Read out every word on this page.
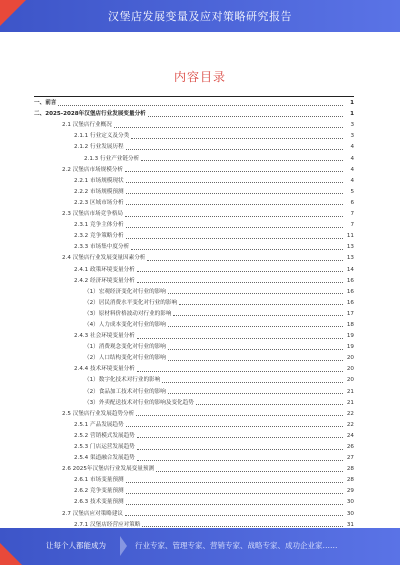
汉堡店发展变量及应对策略研究报告
内容目录
一、前言	1
二、2025-2028年汉堡店行业发展变量分析	1
2.1 汉堡店行业概况	3
2.1.1 行业定义及分类	3
2.1.2 行业发展历程	4
2.1.3 行业产业链分析	4
2.2 汉堡店市场规模分析	4
2.2.1 市场规模现状	4
2.2.2 市场规模预测	5
2.2.3 区域市场分析	6
2.3 汉堡店市场竞争格局	7
2.3.1 竞争主体分析	7
2.3.2 竞争策略分析	11
2.3.3 市场集中度分析	13
2.4 汉堡店行业发展变量因素分析	13
2.4.1 政策环境变量分析	14
2.4.2 经济环境变量分析	16
（1）宏观经济变化对行业的影响	16
（2）居民消费水平变化对行业的影响	16
（3）原材料价格波动对行业的影响	17
（4）人力成本变化对行业的影响	18
2.4.3 社会环境变量分析	19
（1）消费观念变化对行业的影响	19
（2）人口结构变化对行业的影响	20
2.4.4 技术环境变量分析	20
（1）数字化技术对行业的影响	20
（2）食品加工技术对行业的影响	21
（3）外卖配送技术对行业的影响及变化趋势	21
2.5 汉堡店行业发展趋势分析	22
2.5.1 产品发展趋势	22
2.5.2 营销模式发展趋势	24
2.5.3 门店运营发展趋势	26
2.5.4 渠道融合发展趋势	27
2.6 2025年汉堡店行业发展变量预测	28
2.6.1 市场变量预测	28
2.6.2 竞争变量预测	29
2.6.3 技术变量预测	30
2.7 汉堡店应对策略建议	30
2.7.1 汉堡店经营应对策略	31
让每个人都能成为	行业专家、管理专家、营销专家、战略专家、成功企业家……
